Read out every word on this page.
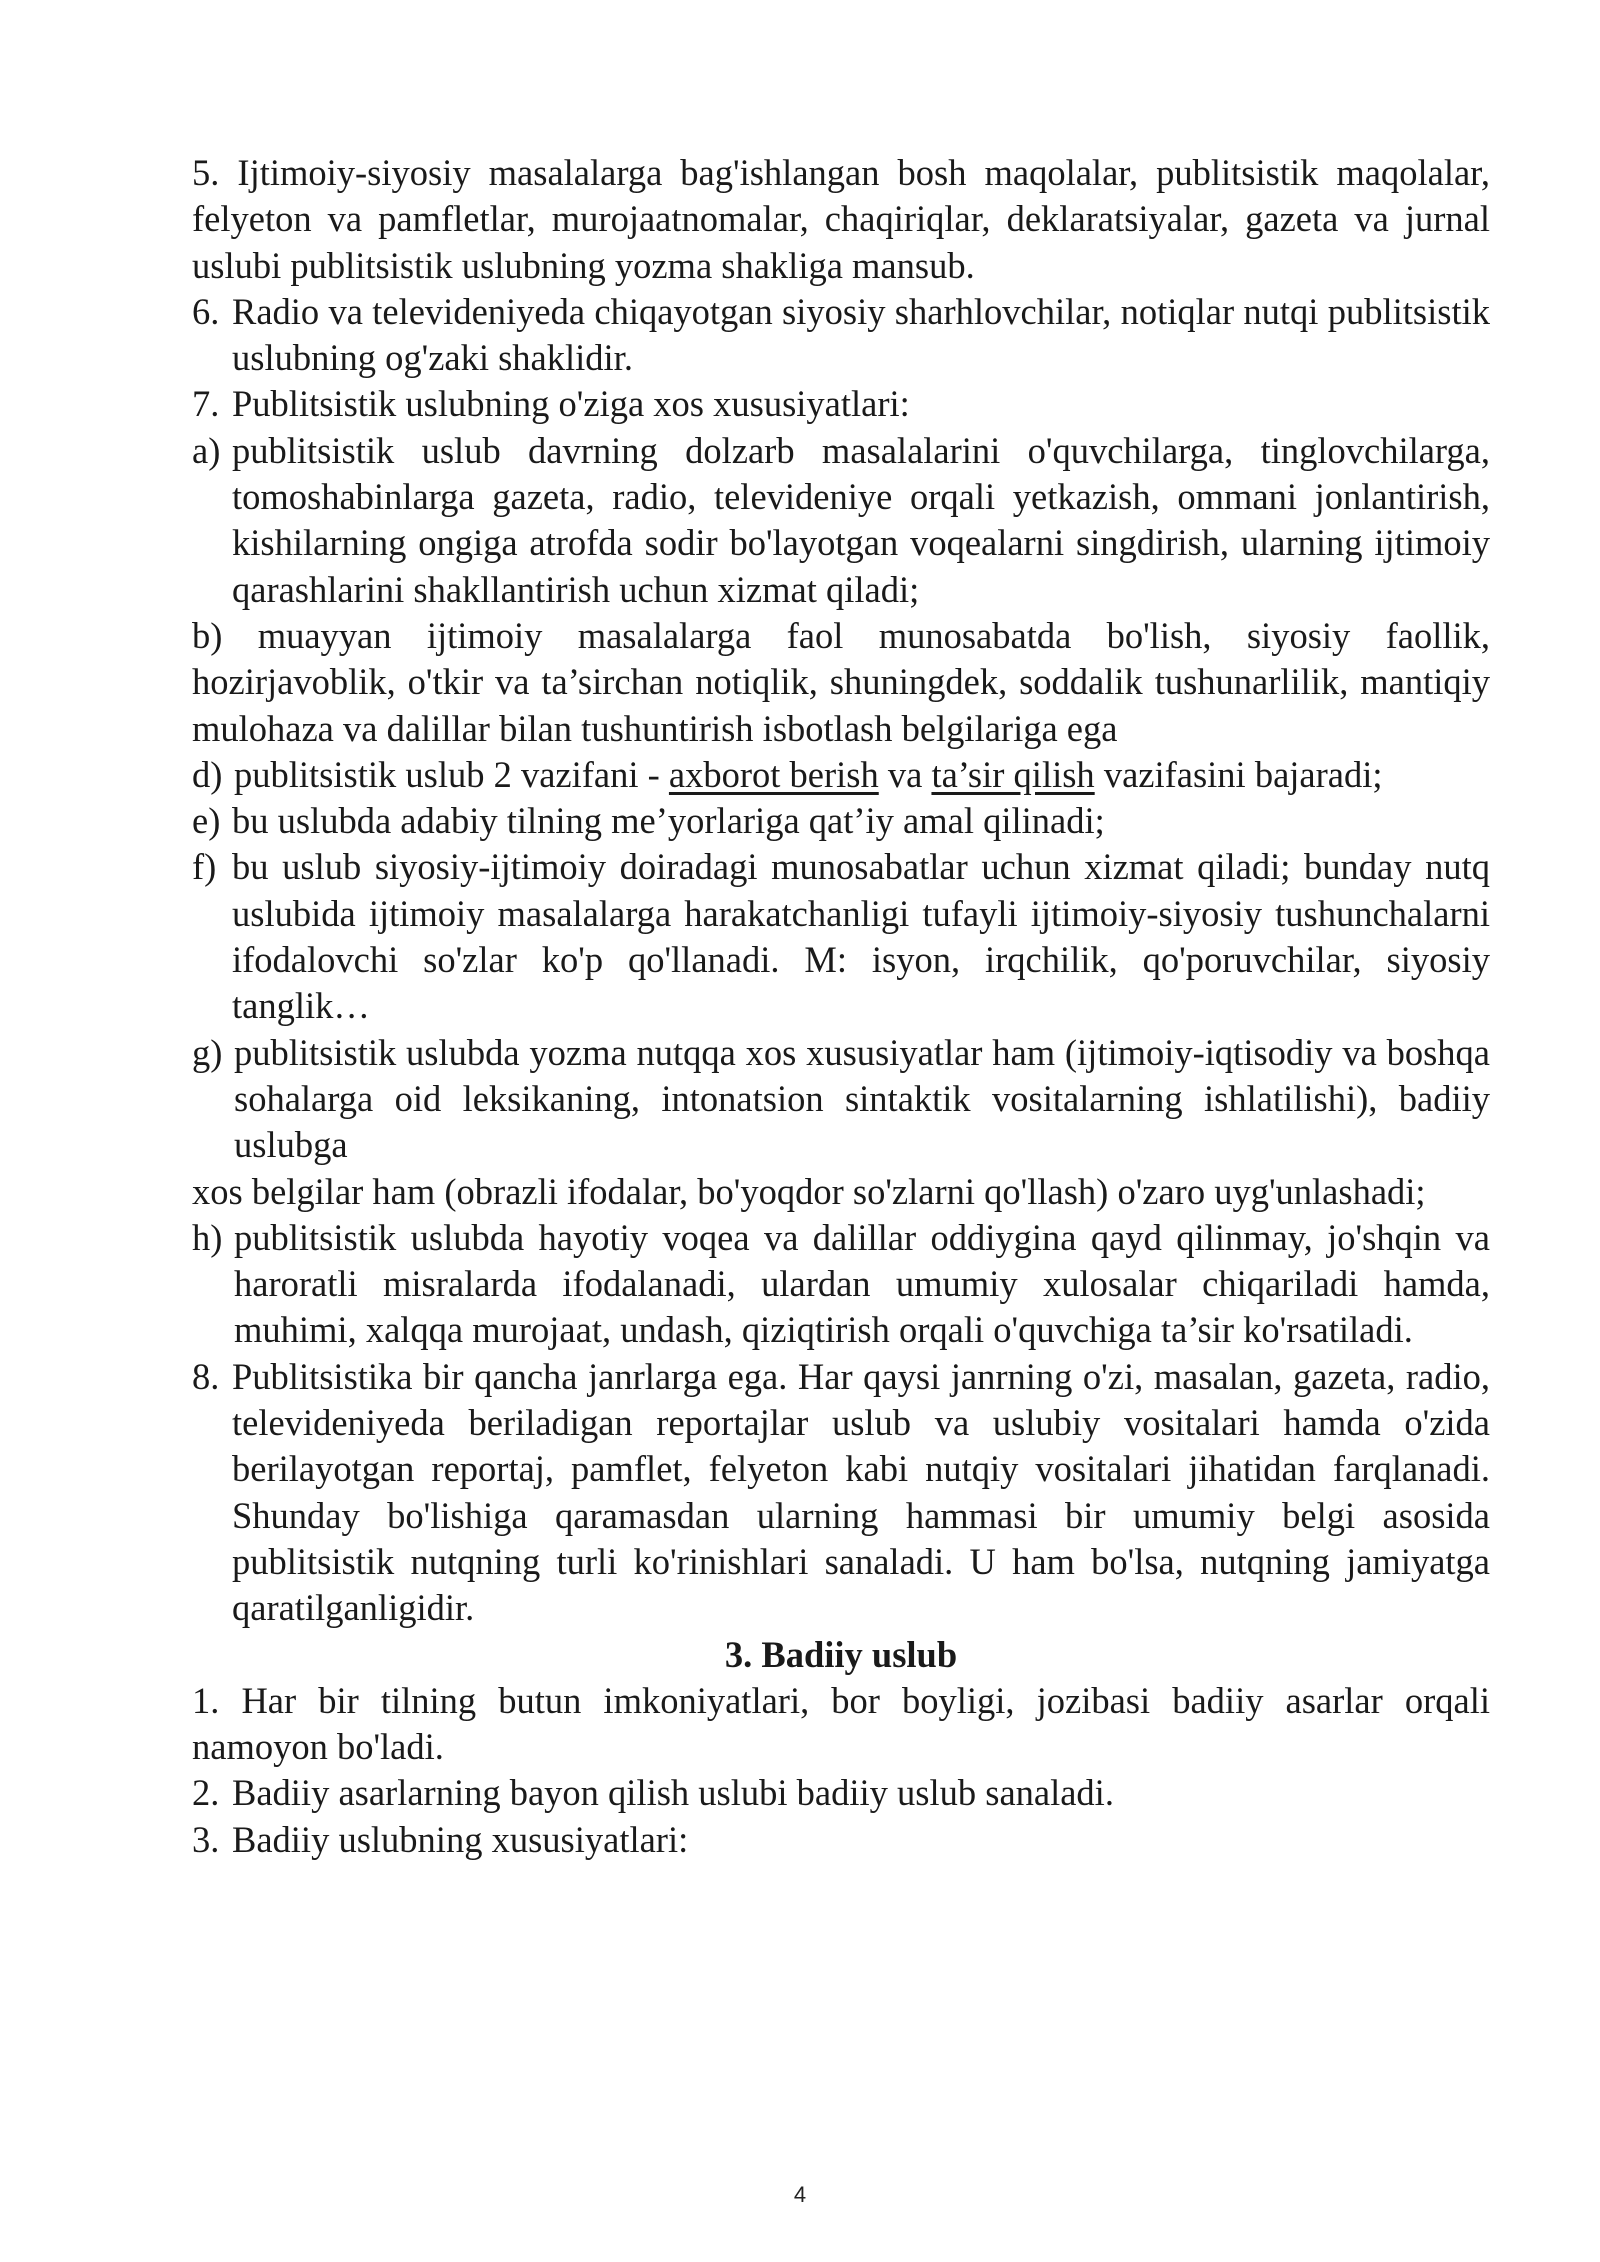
5. Ijtimoiy-siyosiy masalalarga bag'ishlangan bosh maqolalar, publitsistik maqolalar, felyeton va pamfletlar, murojaatnomalar, chaqiriqlar, deklaratsiyalar, gazeta va jurnal uslubi publitsistik uslubning yozma shakliga mansub.

6. Radio va televideniyeda chiqayotgan siyosiy sharhlovchilar, notiqlar nutqi publitsistik uslubning og'zaki shaklidir.
7. Publitsistik uslubning o'ziga xos xususiyatlari:
a) publitsistik uslub davrning dolzarb masalalarini o'quvchilarga, tinglovchilarga, tomoshabinlarga gazeta, radio, televideniye orqali yetkazish, ommani jonlantirish, kishilarning ongiga atrofda sodir bo'layotgan voqealarni singdirish, ularning ijtimoiy qarashlarini shakllantirish uchun xizmat qiladi;

b) muayyan ijtimoiy masalalarga faol munosabatda bo'lish, siyosiy faollik, hozirjavoblik, o'tkir va ta’sirchan notiqlik, shuningdek, soddalik tushunarlilik, mantiqiy mulohaza va dalillar bilan tushuntirish isbotlash belgilariga ega

d) publitsistik uslub 2 vazifani - axborot berish va ta’sir qilish vazifasini bajaradi;
e) bu uslubda adabiy tilning me’yorlariga qat’iy amal qilinadi;
f) bu uslub siyosiy-ijtimoiy doiradagi munosabatlar uchun xizmat qiladi; bunday nutq uslubida ijtimoiy masalalarga harakatchanligi tufayli ijtimoiy-siyosiy tushunchalarni ifodalovchi so'zlar ko'p qo'llanadi. M: isyon, irqchilik, qo'poruvchilar, siyosiy tanglik…
g) publitsistik uslubda yozma nutqqa xos xususiyatlar ham (ijtimoiy-iqtisodiy va boshqa sohalarga oid leksikaning, intonatsion sintaktik vositalarning ishlatilishi), badiiy uslubga

xos belgilar ham (obrazli ifodalar, bo'yoqdor so'zlarni qo'llash) o'zaro uyg'unlashadi;

h) publitsistik uslubda hayotiy voqea va dalillar oddiygina qayd qilinmay, jo'shqin va haroratli misralarda ifodalanadi, ulardan umumiy xulosalar chiqariladi hamda, muhimi, xalqqa murojaat, undash, qiziqtirish orqali o'quvchiga ta’sir ko'rsatiladi.
8. Publitsistika bir qancha janrlarga ega. Har qaysi janrning o'zi, masalan, gazeta, radio, televideniyeda beriladigan reportajlar uslub va uslubiy vositalari hamda o'zida berilayotgan reportaj, pamflet, felyeton kabi nutqiy vositalari jihatidan farqlanadi. Shunday bo'lishiga qaramasdan ularning hammasi bir umumiy belgi asosida publitsistik nutqning turli ko'rinishlari sanaladi. U ham bo'lsa, nutqning jamiyatga qaratilganligidir.
3. Badiiy uslub

1. Har bir tilning butun imkoniyatlari, bor boyligi, jozibasi badiiy asarlar orqali namoyon bo'ladi.

2. Badiiy asarlarning bayon qilish uslubi badiiy uslub sanaladi.
3. Badiiy uslubning xususiyatlari:
4
